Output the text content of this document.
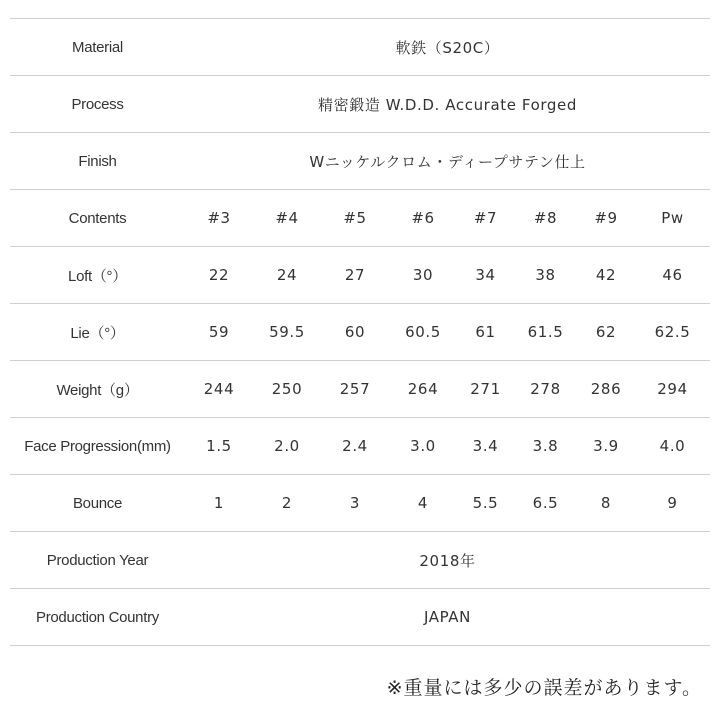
Material	軟鉄（S20C）							
Process	精密鍛造 W.D.D. Accurate Forged							
Finish	Wニッケルクロム・ディープサテン仕上							
Contents	#3	#4	#5	#6	#7	#8	#9	Pw
Loft（°）	22	24	27	30	34	38	42	46
Lie（°）	59	59.5	60	60.5	61	61.5	62	62.5
Weight（g）	244	250	257	264	271	278	286	294
Face Progression(mm)	1.5	2.0	2.4	3.0	3.4	3.8	3.9	4.0
Bounce	1	2	3	4	5.5	6.5	8	9
Production Year	2018年							
Production Country	JAPAN							
※重量には多少の誤差があります。
